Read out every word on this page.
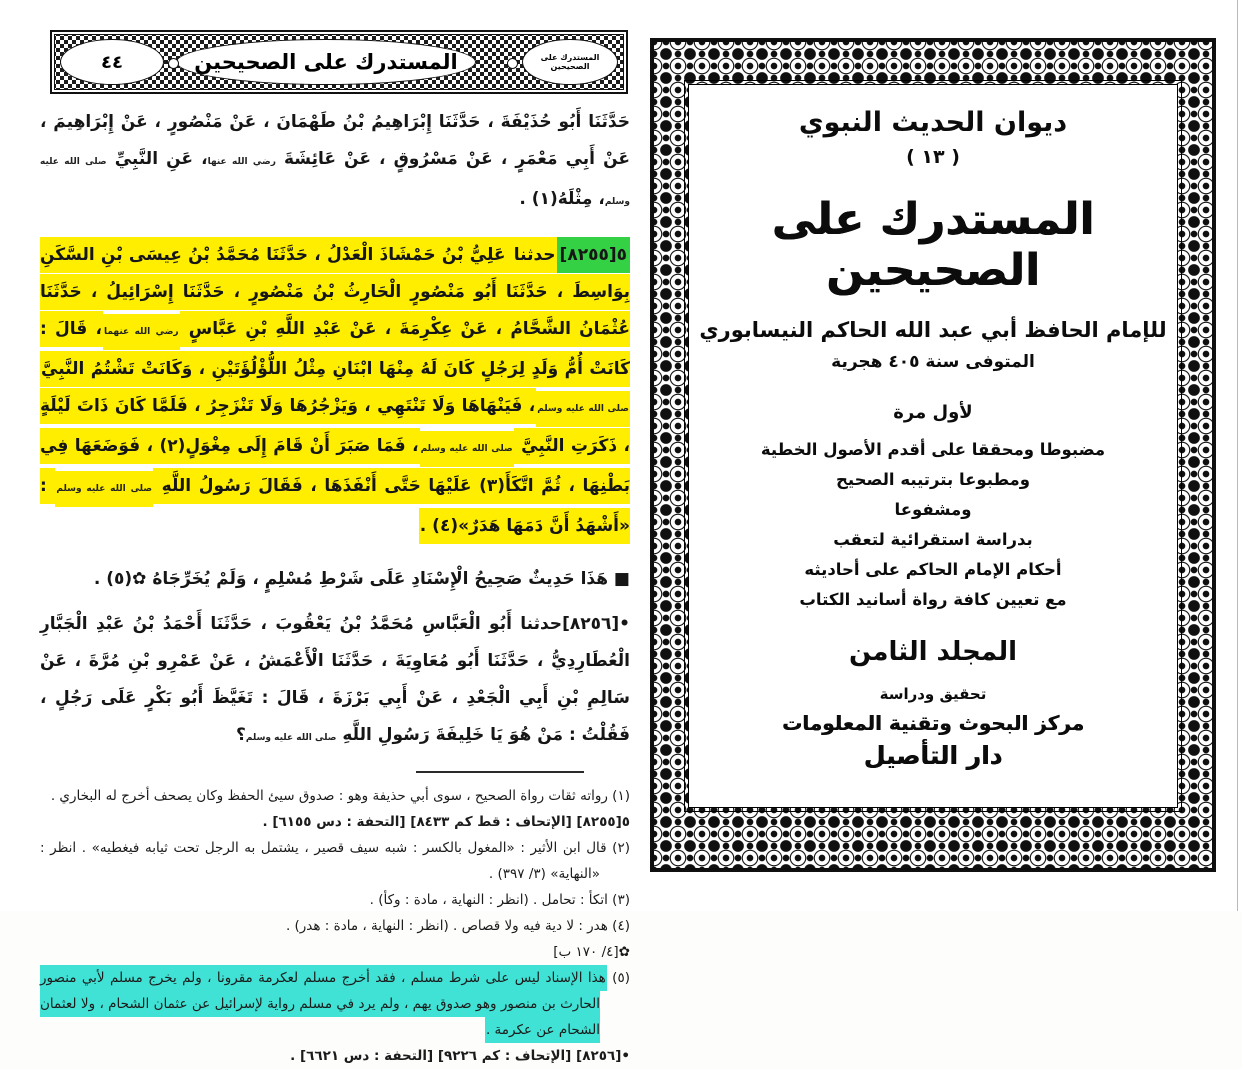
المستدرك على الصحيحين
المستدرك على الصحيحين
٤٤

حَدَّثَنَا أَبُو حُذَيْفَةَ ، حَدَّثَنَا إِبْرَاهِيمُ بْنُ طَهْمَانَ ، عَنْ مَنْصُورٍ ، عَنْ إِبْرَاهِيمَ ، عَنْ أَبِي مَعْمَرٍ ، عَنْ مَسْرُوقٍ ، عَنْ عَائِشَةَ رضي الله عنها، عَنِ النَّبِيِّ صلى الله عليه وسلم، مِثْلَهُ(١) .

٥[٨٢٥٥]حدثنا عَلِيُّ بْنُ حَمْشَاذَ الْعَدْلُ ، حَدَّثَنَا مُحَمَّدُ بْنُ عِيسَى بْنِ السَّكَنِ بِوَاسِطَ ، حَدَّثَنَا أَبُو مَنْصُورٍ الْحَارِثُ بْنُ مَنْصُورٍ ، حَدَّثَنَا إِسْرَائِيلُ ، حَدَّثَنَا عُثْمَانُ الشَّحَّامُ ، عَنْ عِكْرِمَةَ ، عَنْ عَبْدِ اللَّهِ بْنِ عَبَّاسٍ رضي الله عنهما، قَالَ : كَانَتْ أُمُّ وَلَدٍ لِرَجُلٍ كَانَ لَهُ مِنْهَا ابْنَانِ مِثْلُ اللُّؤْلُؤَتَيْنِ ، وَكَانَتْ تَشْتُمُ النَّبِيَّ صلى الله عليه وسلم، فَيَنْهَاهَا وَلَا تَنْتَهِي ، وَيَزْجُرُهَا وَلَا تَنْزَجِرُ ، فَلَمَّا كَانَ ذَاتَ لَيْلَةٍ ، ذَكَرَتِ النَّبِيَّ صلى الله عليه وسلم، فَمَا صَبَرَ أَنْ قَامَ إِلَى مِغْوَلٍ(٢) ، فَوَضَعَهَا فِي بَطْنِهَا ، ثُمَّ اتَّكَأَ(٣) عَلَيْهَا حَتَّى أَنْفَذَهَا ، فَقَالَ رَسُولُ اللَّهِ صلى الله عليه وسلم : «أَشْهَدُ أَنَّ دَمَهَا هَدَرٌ»(٤) .

■ هَذَا حَدِيثٌ صَحِيحُ الْإِسْنَادِ عَلَى شَرْطِ مُسْلِمٍ ، وَلَمْ يُخَرِّجَاهُ ✿(٥) .

•[٨٢٥٦]حدثنا أَبُو الْعَبَّاسِ مُحَمَّدُ بْنُ يَعْقُوبَ ، حَدَّثَنَا أَحْمَدُ بْنُ عَبْدِ الْجَبَّارِ الْعُطَارِدِيُّ ، حَدَّثَنَا أَبُو مُعَاوِيَةَ ، حَدَّثَنَا الْأَعْمَشُ ، عَنْ عَمْرِو بْنِ مُرَّةَ ، عَنْ سَالِمِ بْنِ أَبِي الْجَعْدِ ، عَنْ أَبِي بَرْزَةَ ، قَالَ : تَغَيَّظَ أَبُو بَكْرٍ عَلَى رَجُلٍ ، فَقُلْتُ : مَنْ هُوَ يَا خَلِيفَةَ رَسُولِ اللَّهِ صلى الله عليه وسلم؟

(١) رواته ثقات رواة الصحيح ، سوى أبي حذيفة وهو : صدوق سيئ الحفظ وكان يصحف أخرج له البخاري .

٥[٨٢٥٥] [الإتحاف : قط كم ٨٤٣٣] [التحفة : دس ٦١٥٥] .

(٢) قال ابن الأثير : «المغول بالكسر : شبه سيف قصير ، يشتمل به الرجل تحت ثيابه فيغطيه» . انظر : «النهاية» (٣/ ٣٩٧) .

(٣) اتكأ : تحامل . (انظر : النهاية ، مادة : وكأ) .

(٤) هدر : لا دية فيه ولا قصاص . (انظر : النهاية ، مادة : هدر) .

✿[٤/ ١٧٠ ب]

(٥) هذا الإسناد ليس على شرط مسلم ، فقد أخرج مسلم لعكرمة مقرونا ، ولم يخرج مسلم لأبي منصور الحارث بن منصور وهو صدوق يهم ، ولم يرد في مسلم رواية لإسرائيل عن عثمان الشحام ، ولا لعثمان الشحام عن عكرمة .

•[٨٢٥٦] [الإتحاف : كم ٩٢٢٦] [التحفة : دس ٦٦٢١] .

ديوان الحديث النبوي
( ١٣ )
المستدرك على الصحيحين
للإمام الحافظ أبي عبد الله الحاكم النيسابوري
المتوفى سنة ٤٠٥ هجرية
لأول مرة
مضبوطا ومحققا على أقدم الأصول الخطية
ومطبوعا بترتيبه الصحيح
ومشفوعا
بدراسة استقرائية لتعقب
أحكام الإمام الحاكم على أحاديثه
مع تعيين كافة رواة أسانيد الكتاب
المجلد الثامن
تحقيق ودراسة
مركز البحوث وتقنية المعلومات
دار التأصيل
